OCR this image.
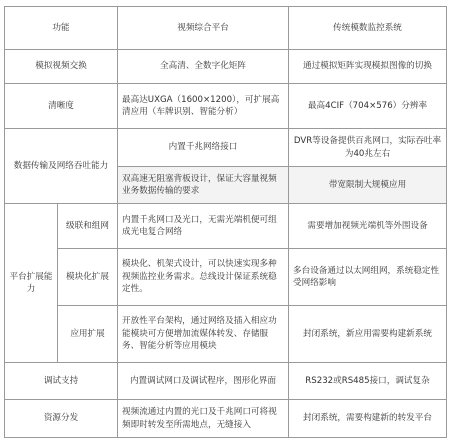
功能		视频综合平台	传统模数监控系统
模拟视频交换		全高清、全数字化矩阵	通过模拟矩阵实现模拟图像的切换
清晰度		最高达UXGA（1600×1200），可扩展高清应用（车牌识别、智能分析）	最高4CIF（704×576）分辨率
数据传输及网络吞吐能力		内置千兆网络接口	DVR等设备提供百兆网口，实际吞吐率为40兆左右
		双高速无阻塞背板设计，保证大容量视频业务数据传输的要求	带宽限制大规模应用
平台扩展能力	级联和组网	内置千兆网口及光口，无需光端机便可组成光电复合网络	需要增加视频光端机等外围设备
	模块化扩展	模块化、机架式设计，可以快速实现多种视频监控业务需求。总线设计保证系统稳定性。	多台设备通过以太网组网，系统稳定性受网络影响
	应用扩展	开放性平台架构，通过网络及插入相应功能模块可方便增加流媒体转发、存储服务、智能分析等应用模块	封闭系统，新应用需要构建新系统
调试支持		内置调试网口及调试程序，图形化界面	RS232或RS485接口，调试复杂
资源分发		视频流通过内置的光口及千兆网口可将视频即时转发至所需地点，无缝接入	封闭系统，需要构建新的转发平台
